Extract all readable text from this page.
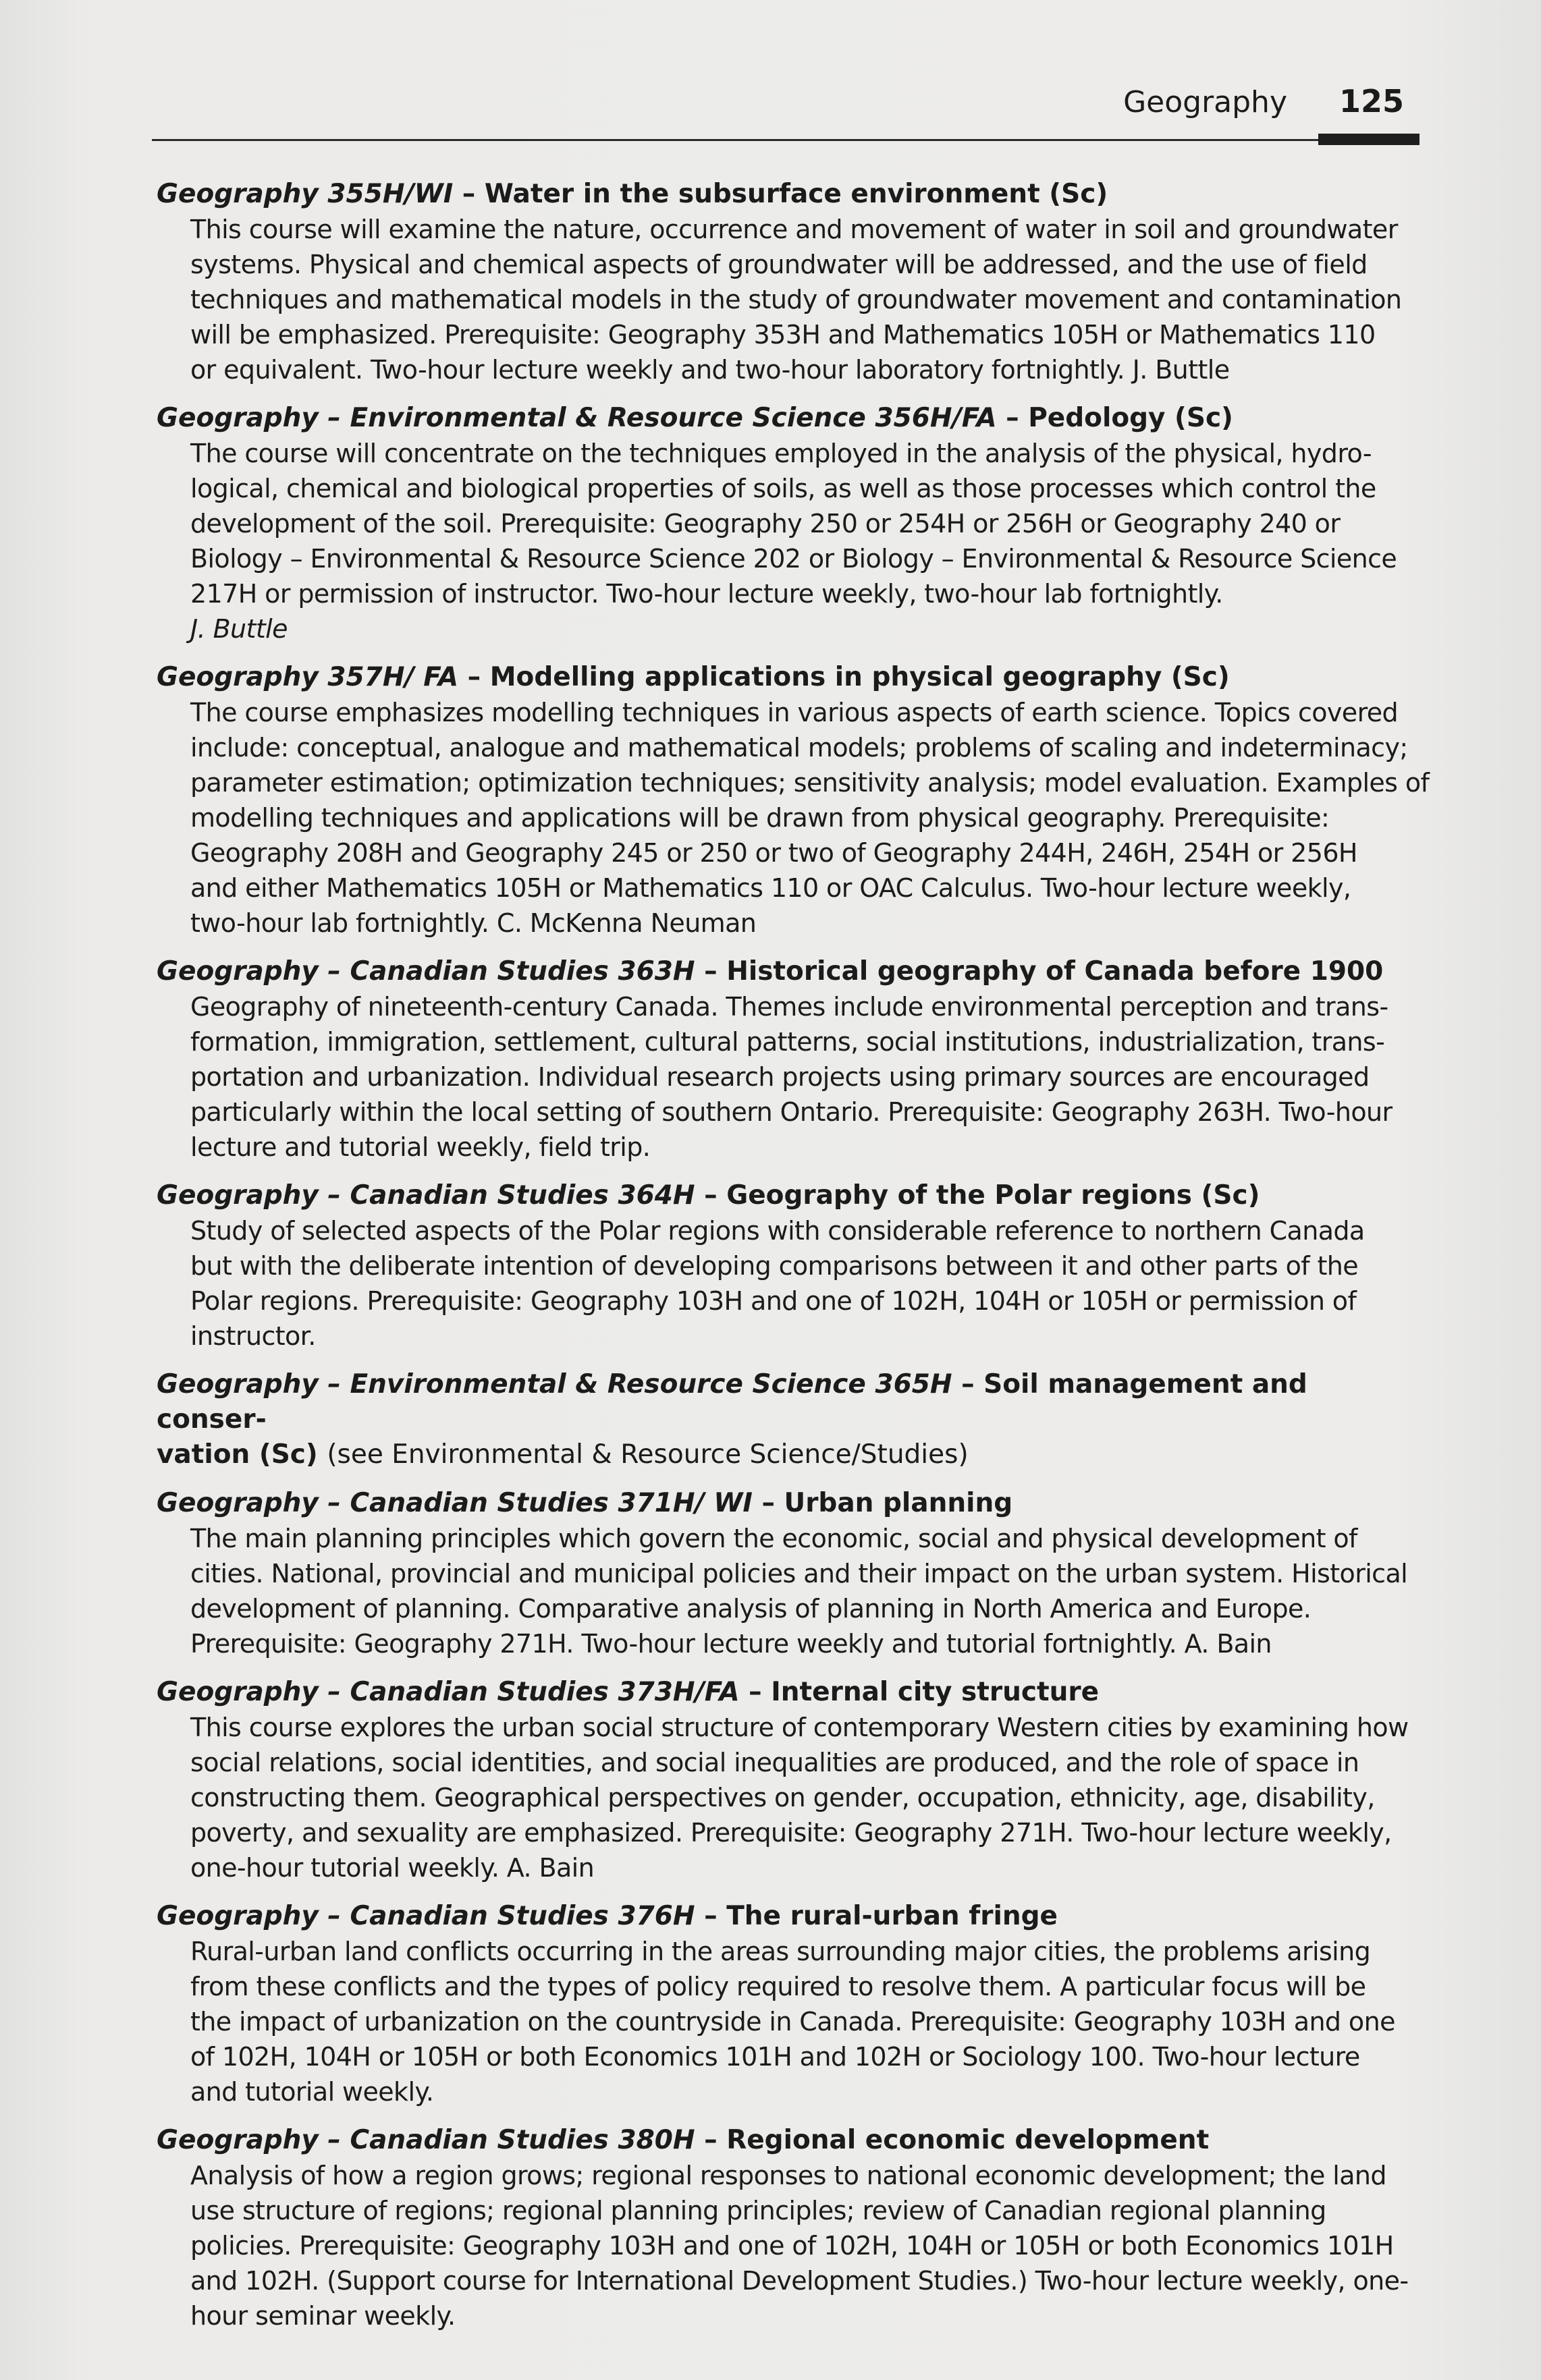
Geography 125

Geography 355H/WI – Water in the subsurface environment (Sc)

This course will examine the nature, occurrence and movement of water in soil and groundwater
systems. Physical and chemical aspects of groundwater will be addressed, and the use of field
techniques and mathematical models in the study of groundwater movement and contamination
will be emphasized. Prerequisite: Geography 353H and Mathematics 105H or Mathematics 110
or equivalent. Two-hour lecture weekly and two-hour laboratory fortnightly. J. Buttle

Geography – Environmental & Resource Science 356H/FA – Pedology (Sc)

The course will concentrate on the techniques employed in the analysis of the physical, hydro-
logical, chemical and biological properties of soils, as well as those processes which control the
development of the soil. Prerequisite: Geography 250 or 254H or 256H or Geography 240 or
Biology – Environmental & Resource Science 202 or Biology – Environmental & Resource Science
217H or permission of instructor. Two-hour lecture weekly, two-hour lab fortnightly.
J. Buttle

Geography 357H/ FA – Modelling applications in physical geography (Sc)

The course emphasizes modelling techniques in various aspects of earth science. Topics covered
include: conceptual, analogue and mathematical models; problems of scaling and indeterminacy;
parameter estimation; optimization techniques; sensitivity analysis; model evaluation. Examples of
modelling techniques and applications will be drawn from physical geography. Prerequisite:
Geography 208H and Geography 245 or 250 or two of Geography 244H, 246H, 254H or 256H
and either Mathematics 105H or Mathematics 110 or OAC Calculus. Two-hour lecture weekly,
two-hour lab fortnightly. C. McKenna Neuman

Geography – Canadian Studies 363H – Historical geography of Canada before 1900

Geography of nineteenth-century Canada. Themes include environmental perception and trans-
formation, immigration, settlement, cultural patterns, social institutions, industrialization, trans-
portation and urbanization. Individual research projects using primary sources are encouraged
particularly within the local setting of southern Ontario. Prerequisite: Geography 263H. Two-hour
lecture and tutorial weekly, field trip.

Geography – Canadian Studies 364H – Geography of the Polar regions (Sc)

Study of selected aspects of the Polar regions with considerable reference to northern Canada
but with the deliberate intention of developing comparisons between it and other parts of the
Polar regions. Prerequisite: Geography 103H and one of 102H, 104H or 105H or permission of
instructor.

Geography – Environmental & Resource Science 365H – Soil management and conser-
vation (Sc) (see Environmental & Resource Science/Studies)

Geography – Canadian Studies 371H/ WI – Urban planning

The main planning principles which govern the economic, social and physical development of
cities. National, provincial and municipal policies and their impact on the urban system. Historical
development of planning. Comparative analysis of planning in North America and Europe.
Prerequisite: Geography 271H. Two-hour lecture weekly and tutorial fortnightly. A. Bain

Geography – Canadian Studies 373H/FA – Internal city structure

This course explores the urban social structure of contemporary Western cities by examining how
social relations, social identities, and social inequalities are produced, and the role of space in
constructing them. Geographical perspectives on gender, occupation, ethnicity, age, disability,
poverty, and sexuality are emphasized. Prerequisite: Geography 271H. Two-hour lecture weekly,
one-hour tutorial weekly. A. Bain

Geography – Canadian Studies 376H – The rural-urban fringe

Rural-urban land conflicts occurring in the areas surrounding major cities, the problems arising
from these conflicts and the types of policy required to resolve them. A particular focus will be
the impact of urbanization on the countryside in Canada. Prerequisite: Geography 103H and one
of 102H, 104H or 105H or both Economics 101H and 102H or Sociology 100. Two-hour lecture
and tutorial weekly.

Geography – Canadian Studies 380H – Regional economic development

Analysis of how a region grows; regional responses to national economic development; the land
use structure of regions; regional planning principles; review of Canadian regional planning
policies. Prerequisite: Geography 103H and one of 102H, 104H or 105H or both Economics 101H
and 102H. (Support course for International Development Studies.) Two-hour lecture weekly, one-
hour seminar weekly.
